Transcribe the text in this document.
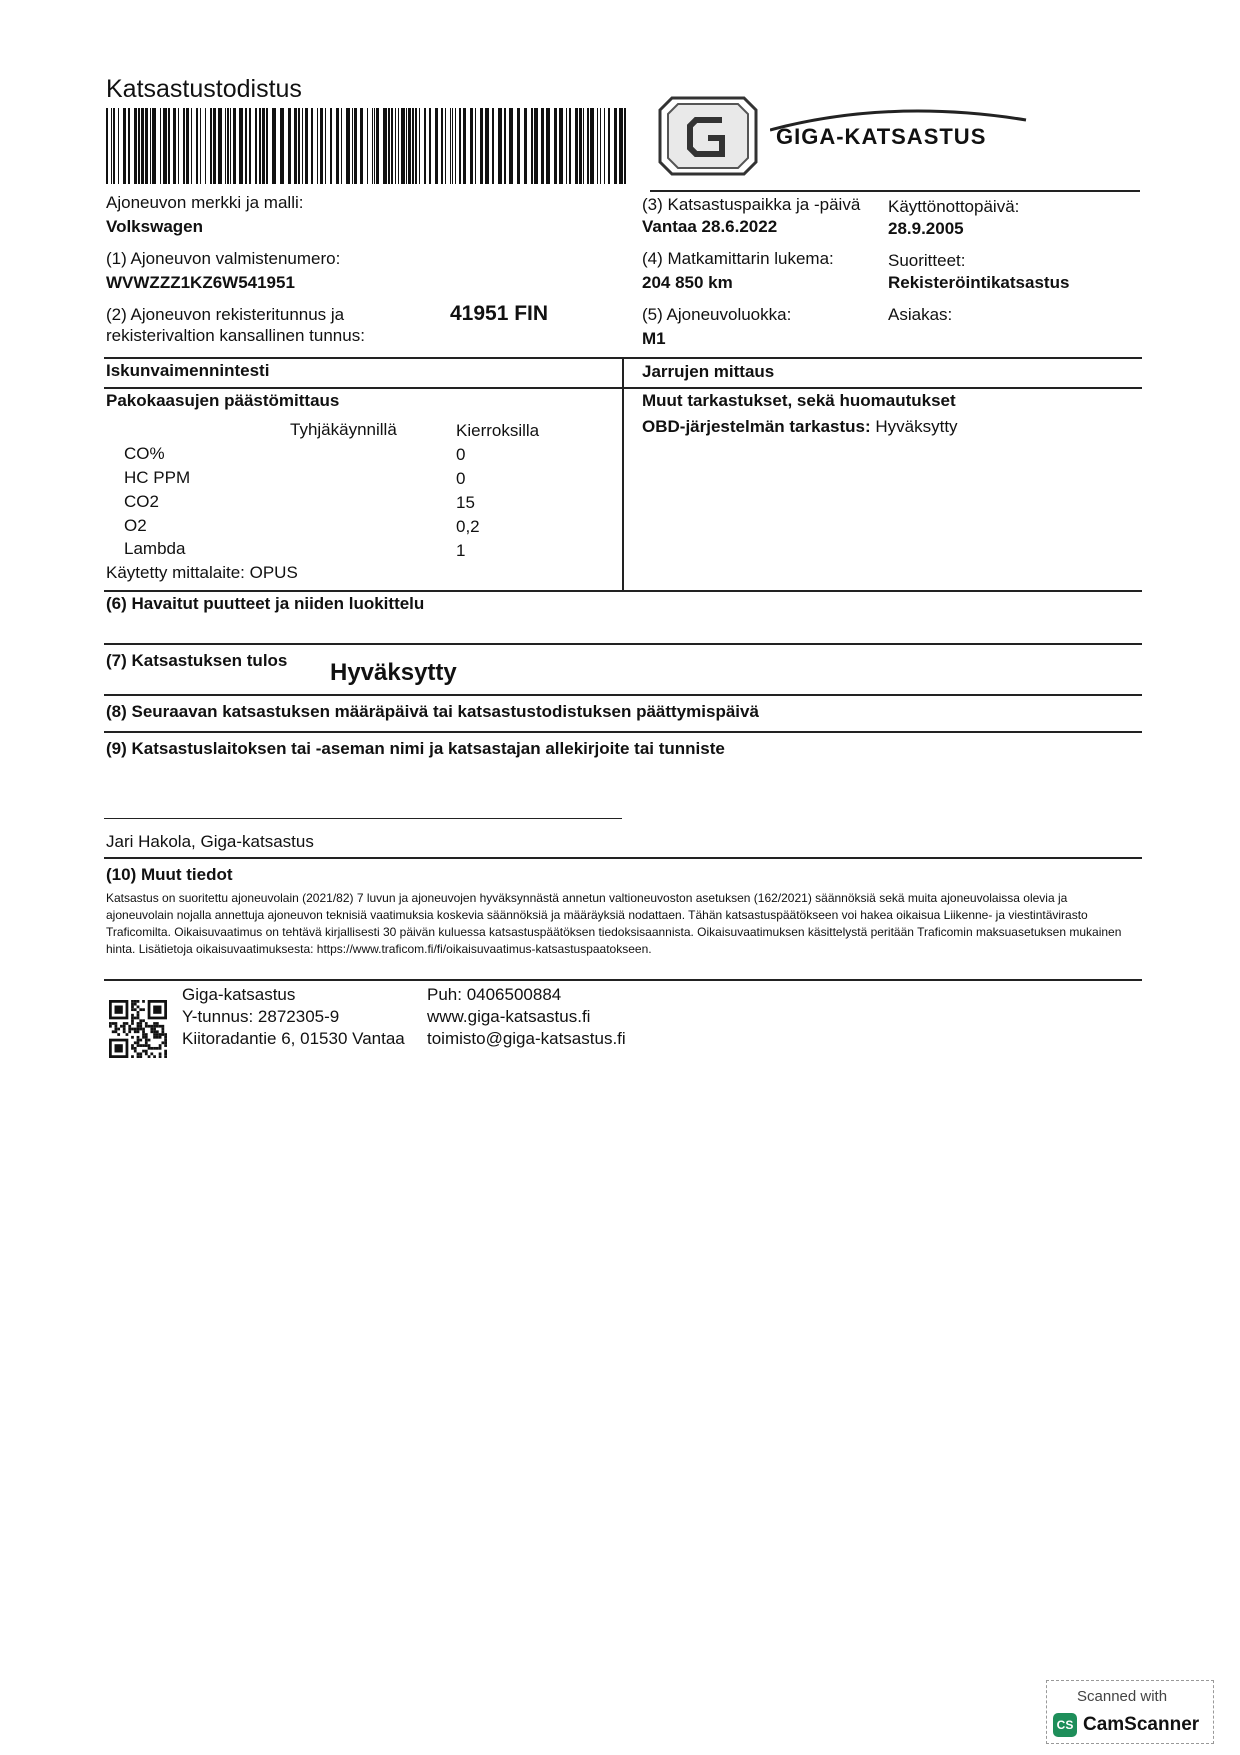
Katsastustodistus
GIGA-KATSASTUS
Ajoneuvon merkki ja malli:
Volkswagen
(1) Ajoneuvon valmistenumero:
WVWZZZ1KZ6W541951
(2) Ajoneuvon rekisteritunnus ja
rekisterivaltion kansallinen tunnus:
41951 FIN
(3) Katsastuspaikka ja -päivä
Vantaa 28.6.2022
(4) Matkamittarin lukema:
204 850 km
(5) Ajoneuvoluokka:
M1
Käyttönottopäivä:
28.9.2005
Suoritteet:
Rekisteröintikatsastus
Asiakas:
Iskunvaimennintesti	Jarrujen mittaus
Pakokaasujen päästömittaus
Tyhjäkäynnillä	Kierroksilla
CO%	0
HC PPM	0
CO2	15
O2	0,2
Lambda	1
Käytetty mittalaite: OPUS
Muut tarkastukset, sekä huomautukset
OBD-järjestelmän tarkastus: Hyväksytty
(6) Havaitut puutteet ja niiden luokittelu
(7) Katsastuksen tulos Hyväksytty
(8) Seuraavan katsastuksen määräpäivä tai katsastustodistuksen päättymispäivä
(9) Katsastuslaitoksen tai -aseman nimi ja katsastajan allekirjoite tai tunniste
Jari Hakola, Giga-katsastus
(10) Muut tiedot
Katsastus on suoritettu ajoneuvolain (2021/82) 7 luvun ja ajoneuvojen hyväksynnästä annetun valtioneuvoston asetuksen (162/2021) säännöksiä sekä muita ajoneuvolaissa olevia ja ajoneuvolain nojalla annettuja ajoneuvon teknisiä vaatimuksia koskevia säännöksiä ja määräyksiä nodattaen. Tähän katsastuspäätökseen voi hakea oikaisua Liikenne- ja viestintävirasto Traficomilta. Oikaisuvaatimus on tehtävä kirjallisesti 30 päivän kuluessa katsastuspäätöksen tiedoksisaannista. Oikaisuvaatimuksen käsittelystä peritään Traficomin maksuasetuksen mukainen hinta. Lisätietoja oikaisuvaatimuksesta: https://www.traficom.fi/fi/oikaisuvaatimus-katsastuspaatokseen.
Giga-katsastus
Y-tunnus: 2872305-9
Kiitoradantie 6, 01530 Vantaa
Puh: 0406500884
www.giga-katsastus.fi
toimisto@giga-katsastus.fi
Scanned with
CS CamScanner
